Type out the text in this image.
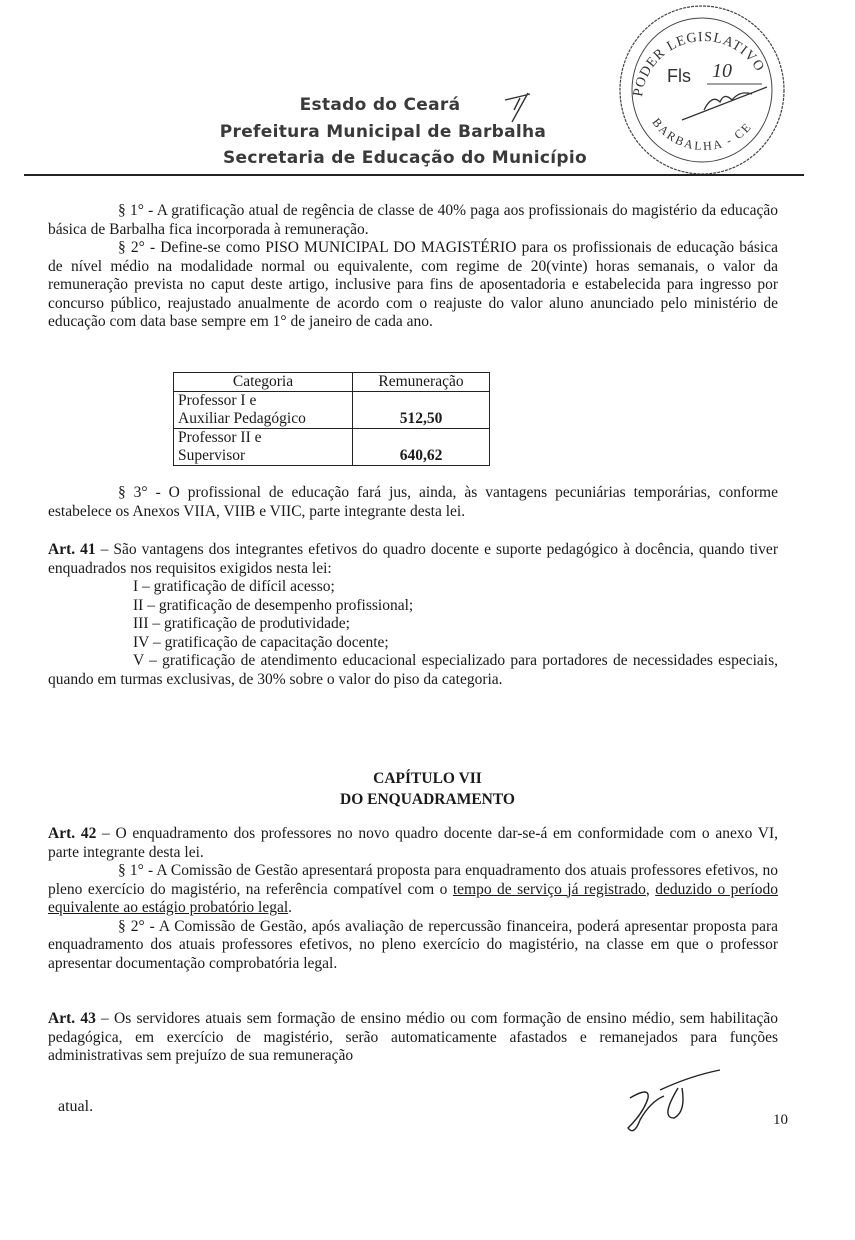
Estado do Ceará
Prefeitura Municipal de Barbalha
Secretaria de Educação do Município
PODER LEGISLATIVO
BARBALHA - CE
Fls 10

§ 1° - A gratificação atual de regência de classe de 40% paga aos profissionais do magistério da educação básica de Barbalha fica incorporada à remuneração.

§ 2° - Define-se como PISO MUNICIPAL DO MAGISTÉRIO para os profissionais de educação básica de nível médio na modalidade normal ou equivalente, com regime de 20(vinte) horas semanais, o valor da remuneração prevista no caput deste artigo, inclusive para fins de aposentadoria e estabelecida para ingresso por concurso público, reajustado anualmente de acordo com o reajuste do valor aluno anunciado pelo ministério de educação com data base sempre em 1° de janeiro de cada ano.

Categoria	Remuneração
Professor I e
Auxiliar Pedagógico	512,50
Professor II e
Supervisor	640,62

§ 3° - O profissional de educação fará jus, ainda, às vantagens pecuniárias temporárias, conforme estabelece os Anexos VIIA, VIIB e VIIC, parte integrante desta lei.

Art. 41 – São vantagens dos integrantes efetivos do quadro docente e suporte pedagógico à docência, quando tiver enquadrados nos requisitos exigidos nesta lei:

I – gratificação de difícil acesso;

II – gratificação de desempenho profissional;

III – gratificação de produtividade;

IV – gratificação de capacitação docente;

V – gratificação de atendimento educacional especializado para portadores de necessidades especiais, quando em turmas exclusivas, de 30% sobre o valor do piso da categoria.

CAPÍTULO VII
DO ENQUADRAMENTO

Art. 42 – O enquadramento dos professores no novo quadro docente dar-se-á em conformidade com o anexo VI, parte integrante desta lei.

§ 1° - A Comissão de Gestão apresentará proposta para enquadramento dos atuais professores efetivos, no pleno exercício do magistério, na referência compatível com o tempo de serviço já registrado, deduzido o período equivalente ao estágio probatório legal.

§ 2° - A Comissão de Gestão, após avaliação de repercussão financeira, poderá apresentar proposta para enquadramento dos atuais professores efetivos, no pleno exercício do magistério, na classe em que o professor apresentar documentação comprobatória legal.

Art. 43 – Os servidores atuais sem formação de ensino médio ou com formação de ensino médio, sem habilitação pedagógica, em exercício de magistério, serão automaticamente afastados e remanejados para funções administrativas sem prejuízo de sua remuneração

atual.
10
